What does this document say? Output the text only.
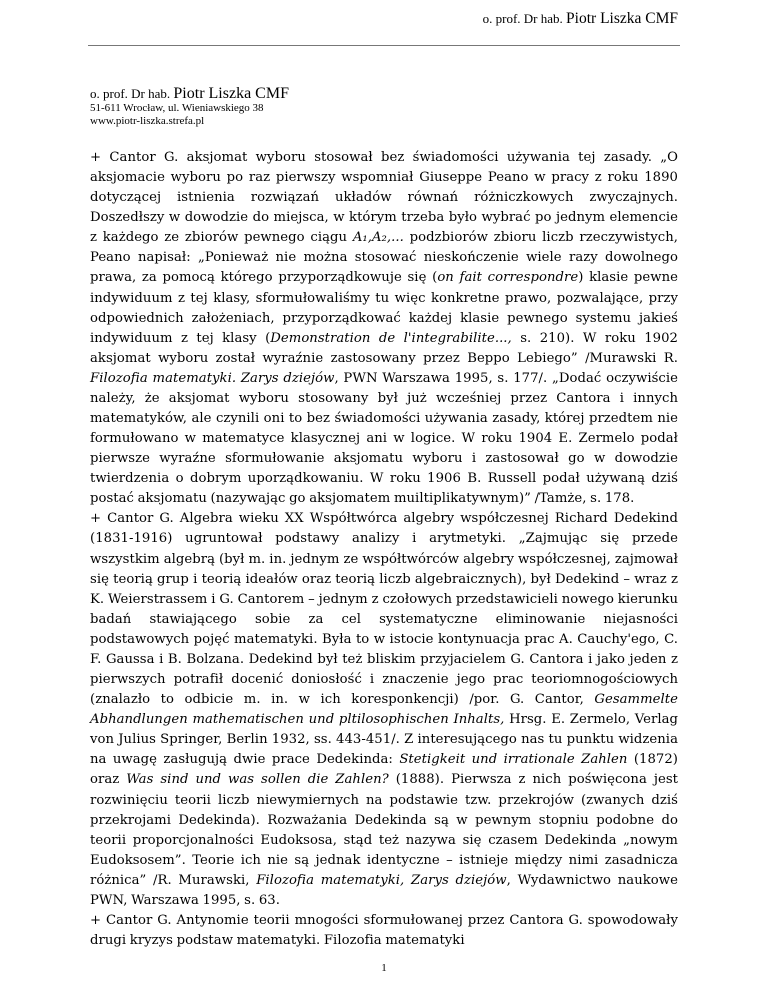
o. prof. Dr hab. Piotr Liszka CMF
o. prof. Dr hab. Piotr Liszka CMF
51-611 Wrocław, ul. Wieniawskiego 38
www.piotr-liszka.strefa.pl

+ Cantor G. aksjomat wyboru stosował bez świadomości używania tej zasady. „O aksjomacie wyboru po raz pierwszy wspomniał Giuseppe Peano w pracy z roku 1890 dotyczącej istnienia rozwiązań układów równań różniczkowych zwyczajnych. Doszedłszy w dowodzie do miejsca, w którym trzeba było wybrać po jednym elemencie z każdego ze zbiorów pewnego ciągu A₁,A₂,... podzbiorów zbioru liczb rzeczywistych, Peano napisał: „Ponieważ nie można stosować nieskończenie wiele razy dowolnego prawa, za pomocą którego przyporządkowuje się (on fait correspondre) klasie pewne indywiduum z tej klasy, sformułowaliśmy tu więc konkretne prawo, pozwalające, przy odpowiednich założeniach, przyporządkować każdej klasie pewnego systemu jakieś indywiduum z tej klasy (Demonstration de l'integrabilite..., s. 210). W roku 1902 aksjomat wyboru został wyraźnie zastosowany przez Beppo Lebiego” /Murawski R. Filozofia matematyki. Zarys dziejów, PWN Warszawa 1995, s. 177/. „Dodać oczywiście należy, że aksjomat wyboru stosowany był już wcześniej przez Cantora i innych matematyków, ale czynili oni to bez świadomości używania zasady, której przedtem nie formułowano w matematyce klasycznej ani w logice. W roku 1904 E. Zermelo podał pierwsze wyraźne sformułowanie aksjomatu wyboru i zastosował go w dowodzie twierdzenia o dobrym uporządkowaniu. W roku 1906 B. Russell podał używaną dziś postać aksjomatu (nazywając go aksjomatem muiltiplikatywnym)” /Tamże, s. 178.

+ Cantor G. Algebra wieku XX Współtwórca algebry współczesnej Richard Dedekind (1831-1916) ugruntował podstawy analizy i arytmetyki. „Zajmując się przede wszystkim algebrą (był m. in. jednym ze współtwórców algebry współczesnej, zajmował się teorią grup i teorią ideałów oraz teorią liczb algebraicznych), był Dedekind – wraz z K. Weierstrassem i G. Cantorem – jednym z czołowych przedstawicieli nowego kierunku badań stawiającego sobie za cel systematyczne eliminowanie niejasności podstawowych pojęć matematyki. Była to w istocie kontynuacja prac A. Cauchy'ego, C. F. Gaussa i B. Bolzana. Dedekind był też bliskim przyjacielem G. Cantora i jako jeden z pierwszych potrafił docenić doniosłość i znaczenie jego prac teoriomnogościowych (znalazło to odbicie m. in. w ich koresponkencji) /por. G. Cantor, Gesammelte Abhandlungen mathematischen und pltilosophischen Inhalts, Hrsg. E. Zermelo, Verlag von Julius Springer, Berlin 1932, ss. 443-451/. Z interesującego nas tu punktu widzenia na uwagę zasługują dwie prace Dedekinda: Stetigkeit und irrationale Zahlen (1872) oraz Was sind und was sollen die Zahlen? (1888). Pierwsza z nich poświęcona jest rozwinięciu teorii liczb niewymiernych na podstawie tzw. przekrojów (zwanych dziś przekrojami Dedekinda). Rozważania Dedekinda są w pewnym stopniu podobne do teorii proporcjonalności Eudoksosa, stąd też nazywa się czasem Dedekinda „nowym Eudoksosem”. Teorie ich nie są jednak identyczne – istnieje między nimi zasadnicza różnica” /R. Murawski, Filozofia matematyki, Zarys dziejów, Wydawnictwo naukowe PWN, Warszawa 1995, s. 63.

+ Cantor G. Antynomie teorii mnogości sformułowanej przez Cantora G. spowodowały drugi kryzys podstaw matematyki. Filozofia matematyki

1
